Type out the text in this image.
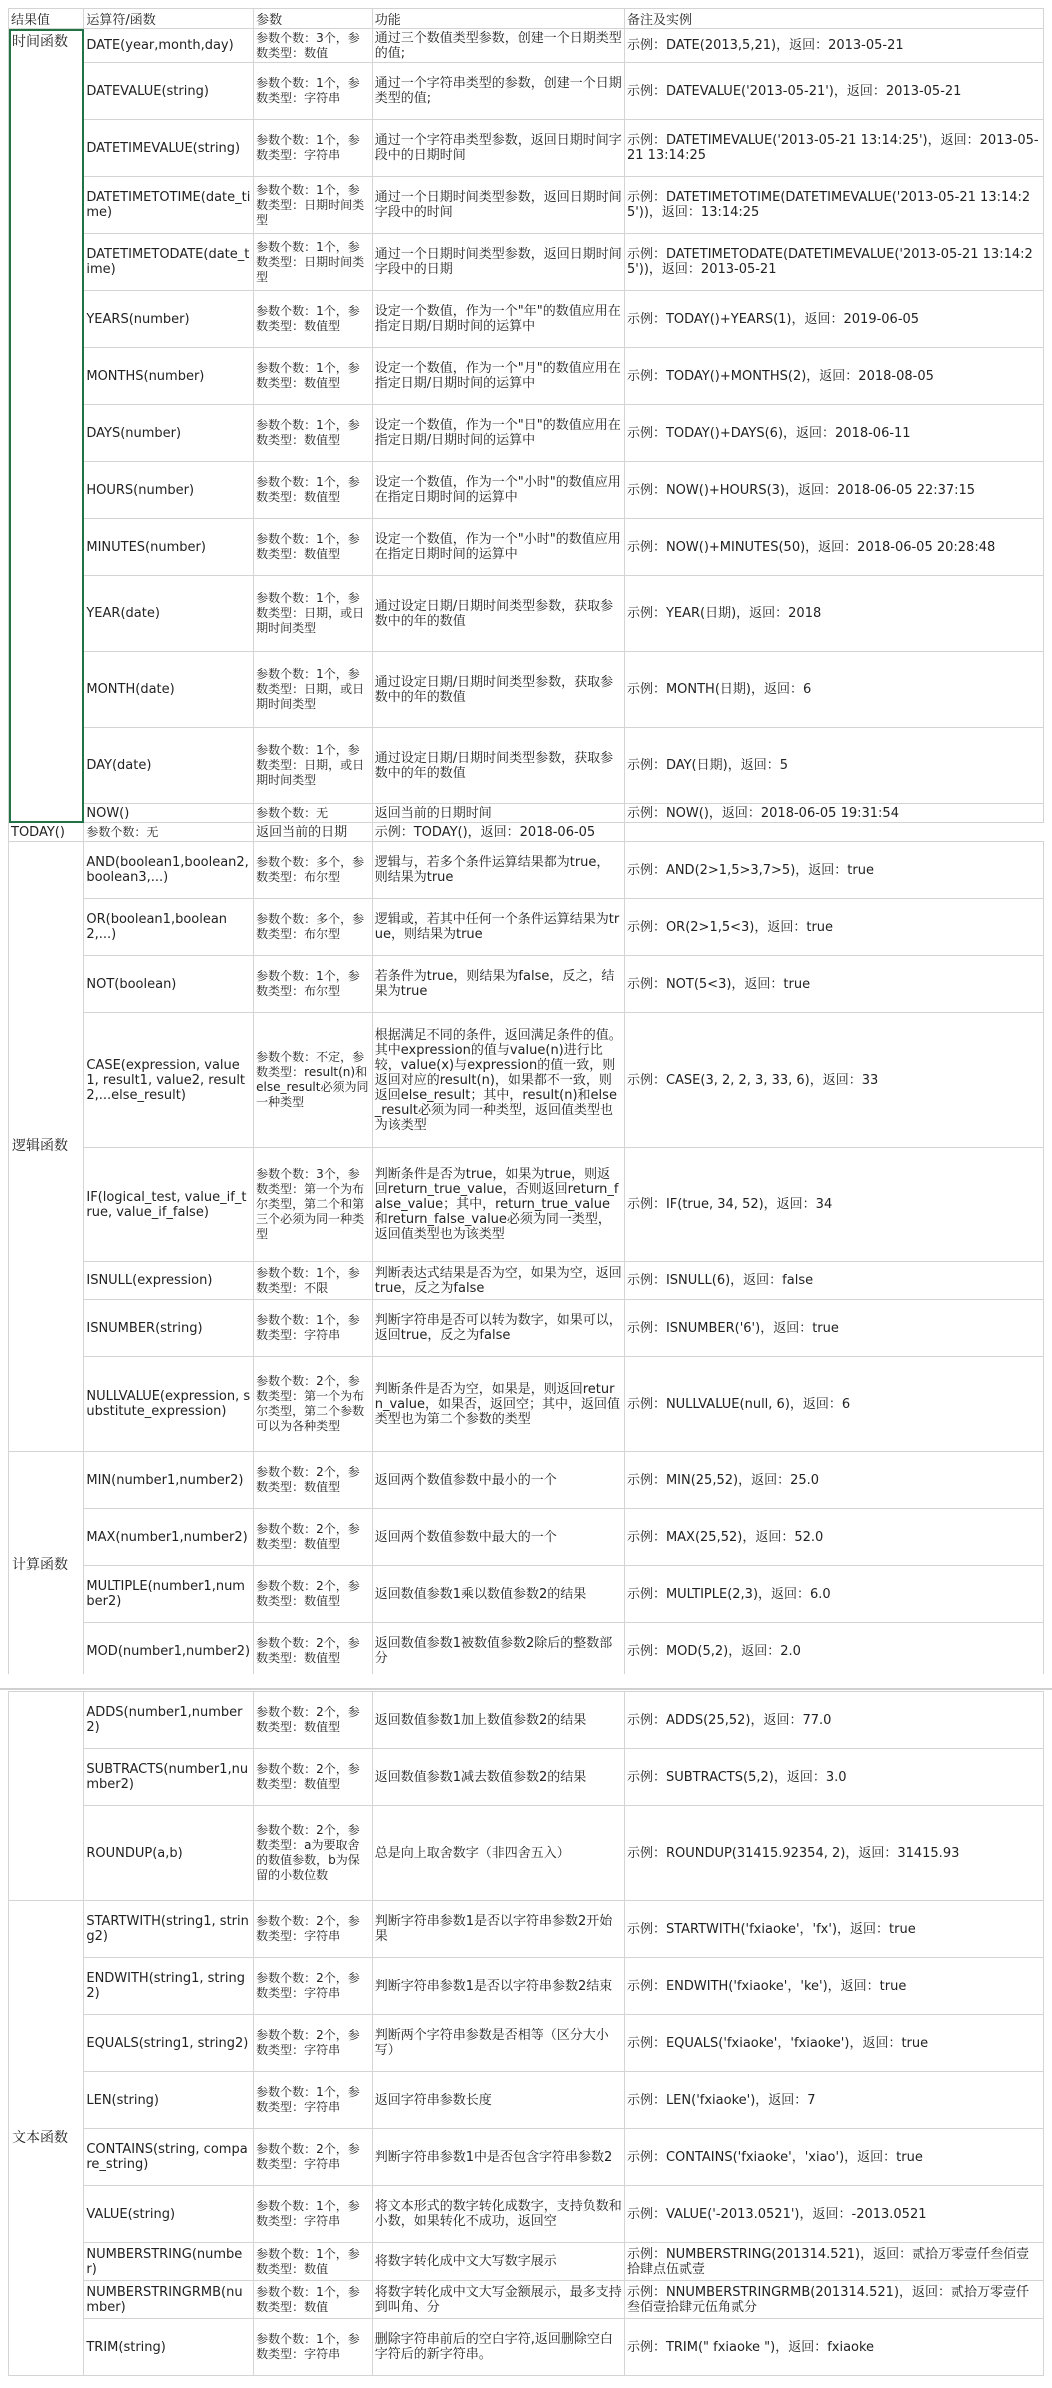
结果值	运算符/函数	参数	功能	备注及实例
时间函数	DATE(year,month,day)	参数个数：3个，参数类型：数值	通过三个数值类型参数，创建一个日期类型的值;	示例：DATE(2013,5,21)，返回：2013-05-21
	DATEVALUE(string)	参数个数：1个，参数类型：字符串	通过一个字符串类型的参数，创建一个日期类型的值;	示例：DATEVALUE('2013-05-21')，返回：2013-05-21
	DATETIMEVALUE(string)	参数个数：1个，参数类型：字符串	通过一个字符串类型参数，返回日期时间字段中的日期时间	示例：DATETIMEVALUE('2013-05-21 13:14:25')，返回：2013-05-21 13:14:25
	DATETIMETOTIME(date_time)	参数个数：1个，参数类型：日期时间类型	通过一个日期时间类型参数，返回日期时间字段中的时间	示例：DATETIMETOTIME(DATETIMEVALUE('2013-05-21 13:14:25'))，返回：13:14:25
	DATETIMETODATE(date_time)	参数个数：1个，参数类型：日期时间类型	通过一个日期时间类型参数，返回日期时间字段中的日期	示例：DATETIMETODATE(DATETIMEVALUE('2013-05-21 13:14:25'))，返回：2013-05-21
	YEARS(number)	参数个数：1个，参数类型：数值型	设定一个数值，作为一个"年"的数值应用在指定日期/日期时间的运算中	示例：TODAY()+YEARS(1)，返回：2019-06-05
	MONTHS(number)	参数个数：1个，参数类型：数值型	设定一个数值，作为一个"月"的数值应用在指定日期/日期时间的运算中	示例：TODAY()+MONTHS(2)，返回：2018-08-05
	DAYS(number)	参数个数：1个，参数类型：数值型	设定一个数值，作为一个"日"的数值应用在指定日期/日期时间的运算中	示例：TODAY()+DAYS(6)，返回：2018-06-11
	HOURS(number)	参数个数：1个，参数类型：数值型	设定一个数值，作为一个"小时"的数值应用在指定日期时间的运算中	示例：NOW()+HOURS(3)，返回：2018-06-05 22:37:15
	MINUTES(number)	参数个数：1个，参数类型：数值型	设定一个数值，作为一个"小时"的数值应用在指定日期时间的运算中	示例：NOW()+MINUTES(50)，返回：2018-06-05 20:28:48
	YEAR(date)	参数个数：1个，参数类型：日期，或日期时间类型	通过设定日期/日期时间类型参数，获取参数中的年的数值	示例：YEAR(日期)，返回：2018
	MONTH(date)	参数个数：1个，参数类型：日期，或日期时间类型	通过设定日期/日期时间类型参数，获取参数中的年的数值	示例：MONTH(日期)，返回：6
	DAY(date)	参数个数：1个，参数类型：日期，或日期时间类型	通过设定日期/日期时间类型参数，获取参数中的年的数值	示例：DAY(日期)，返回：5
	NOW()	参数个数：无	返回当前的日期时间	示例：NOW()，返回：2018-06-05 19:31:54
TODAY()	参数个数：无	返回当前的日期	示例：TODAY()，返回：2018-06-05	
逻辑函数	AND(boolean1,boolean2,boolean3,...)	参数个数：多个，参数类型：布尔型	逻辑与，若多个条件运算结果都为true，则结果为true	示例：AND(2>1,5>3,7>5)，返回：true
	OR(boolean1,boolean2,...)	参数个数：多个，参数类型：布尔型	逻辑或，若其中任何一个条件运算结果为true，则结果为true	示例：OR(2>1,5<3)，返回：true
	NOT(boolean)	参数个数：1个，参数类型：布尔型	若条件为true，则结果为false，反之，结果为true	示例：NOT(5<3)，返回：true
	CASE(expression, value1, result1, value2, result2,...else_result)	参数个数：不定，参数类型：result(n)和else_result必须为同一种类型	根据满足不同的条件，返回满足条件的值。其中expression的值与value(n)进行比较，value(x)与expression的值一致，则返回对应的result(n)，如果都不一致，则返回else_result；其中，result(n)和else_result必须为同一种类型，返回值类型也为该类型	示例：CASE(3, 2, 2, 3, 33, 6)，返回：33
	IF(logical_test, value_if_true, value_if_false)	参数个数：3个，参数类型：第一个为布尔类型，第二个和第三个必须为同一种类型	判断条件是否为true，如果为true，则返回return_true_value，否则返回return_false_value；其中，return_true_value和return_false_value必须为同一类型，返回值类型也为该类型	示例：IF(true, 34, 52)，返回：34
	ISNULL(expression)	参数个数：1个，参数类型：不限	判断表达式结果是否为空，如果为空，返回true，反之为false	示例：ISNULL(6)，返回：false
	ISNUMBER(string)	参数个数：1个，参数类型：字符串	判断字符串是否可以转为数字，如果可以，返回true，反之为false	示例：ISNUMBER('6')，返回：true
	NULLVALUE(expression, substitute_expression)	参数个数：2个，参数类型：第一个为布尔类型，第二个参数可以为各种类型	判断条件是否为空，如果是，则返回return_value，如果否，返回空；其中，返回值类型也为第二个参数的类型	示例：NULLVALUE(null, 6)，返回：6
计算函数	MIN(number1,number2)	参数个数：2个，参数类型：数值型	返回两个数值参数中最小的一个	示例：MIN(25,52)，返回：25.0
	MAX(number1,number2)	参数个数：2个，参数类型：数值型	返回两个数值参数中最大的一个	示例：MAX(25,52)，返回：52.0
	MULTIPLE(number1,number2)	参数个数：2个，参数类型：数值型	返回数值参数1乘以数值参数2的结果	示例：MULTIPLE(2,3)，返回：6.0
	MOD(number1,number2)	参数个数：2个，参数类型：数值型	返回数值参数1被数值参数2除后的整数部分	示例：MOD(5,2)，返回：2.0
	ADDS(number1,number2)	参数个数：2个，参数类型：数值型	返回数值参数1加上数值参数2的结果	示例：ADDS(25,52)，返回：77.0
	SUBTRACTS(number1,number2)	参数个数：2个，参数类型：数值型	返回数值参数1减去数值参数2的结果	示例：SUBTRACTS(5,2)，返回：3.0
	ROUNDUP(a,b)	参数个数：2个，参数类型：a为要取舍的数值参数，b为保留的小数位数	总是向上取舍数字（非四舍五入）	示例：ROUNDUP(31415.92354, 2)，返回：31415.93
文本函数	STARTWITH(string1, string2)	参数个数：2个，参数类型：字符串	判断字符串参数1是否以字符串参数2开始果	示例：STARTWITH('fxiaoke'，'fx')，返回：true
	ENDWITH(string1, string2)	参数个数：2个，参数类型：字符串	判断字符串参数1是否以字符串参数2结束	示例：ENDWITH('fxiaoke'，'ke')，返回：true
	EQUALS(string1, string2)	参数个数：2个，参数类型：字符串	判断两个字符串参数是否相等（区分大小写）	示例：EQUALS('fxiaoke'，'fxiaoke')，返回：true
	LEN(string)	参数个数：1个，参数类型：字符串	返回字符串参数长度	示例：LEN('fxiaoke')，返回：7
	CONTAINS(string, compare_string)	参数个数：2个，参数类型：字符串	判断字符串参数1中是否包含字符串参数2	示例：CONTAINS('fxiaoke'，'xiao')，返回：true
	VALUE(string)	参数个数：1个，参数类型：字符串	将文本形式的数字转化成数字，支持负数和小数，如果转化不成功，返回空	示例：VALUE('-2013.0521')，返回：-2013.0521
	NUMBERSTRING(number)	参数个数：1个，参数类型：数值	将数字转化成中文大写数字展示	示例：NUMBERSTRING(201314.521)，返回：贰拾万零壹仟叁佰壹拾肆点伍贰壹
	NUMBERSTRINGRMB(number)	参数个数：1个，参数类型：数值	将数字转化成中文大写金额展示，最多支持到叫角、分	示例：NNUMBERSTRINGRMB(201314.521)，返回：贰拾万零壹仟叁佰壹拾肆元伍角贰分
	TRIM(string)	参数个数：1个，参数类型：字符串	删除字符串前后的空白字符,返回删除空白字符后的新字符串。	示例：TRIM(" fxiaoke ")，返回：fxiaoke
